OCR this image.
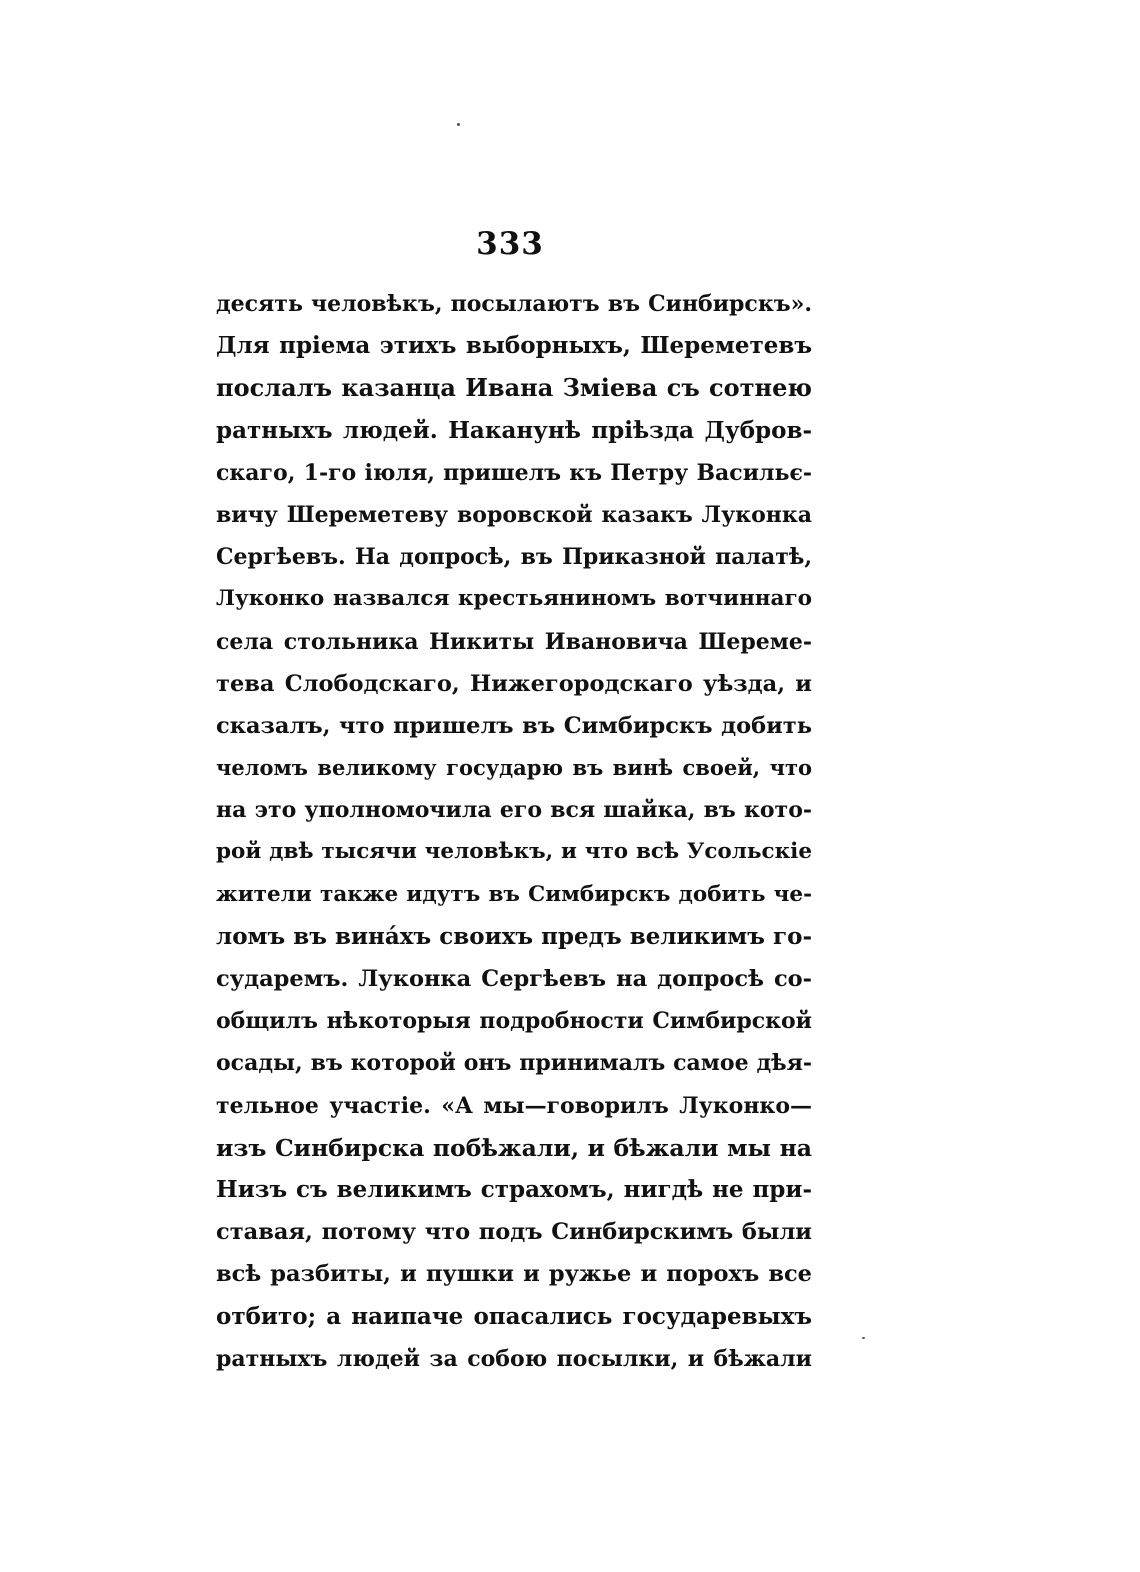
333
десять человѣкъ, посылаютъ въ Синбирскъ».
Для пріема этихъ выборныхъ, Шереметевъ
послалъ казанца Ивана Зміева съ сотнею
ратныхъ людей. Наканунѣ пріѣзда Дубров-
скаго, 1-го іюля, пришелъ къ Петру Васильє-
вичу Шереметеву воровской казакъ Луконка
Сергѣевъ. На допросѣ, въ Приказной палатѣ,
Луконко назвался крестьяниномъ вотчиннаго
села стольника Никиты Ивановича Шереме-
тева Слободскаго, Нижегородскаго уѣзда, и
сказалъ, что пришелъ въ Симбирскъ добить
челомъ великому государю въ винѣ своей, что
на это уполномочила его вся шайка, въ кото-
рой двѣ тысячи человѣкъ, и что всѣ Усольскіе
жители также идутъ въ Симбирскъ добить че-
ломъ въ винáхъ своихъ предъ великимъ го-
сударемъ. Луконка Сергѣевъ на допросѣ со-
общилъ нѣкоторыя подробности Симбирской
осады, въ которой онъ принималъ самое дѣя-
тельное участіе. «А мы—говорилъ Луконко—
изъ Синбирска побѣжали, и бѣжали мы на
Низъ съ великимъ страхомъ, нигдѣ не при-
ставая, потому что подъ Синбирскимъ были
всѣ разбиты, и пушки и ружье и порохъ все
отбито; а наипаче опасались государевыхъ
ратныхъ людей за собою посылки, и бѣжали
